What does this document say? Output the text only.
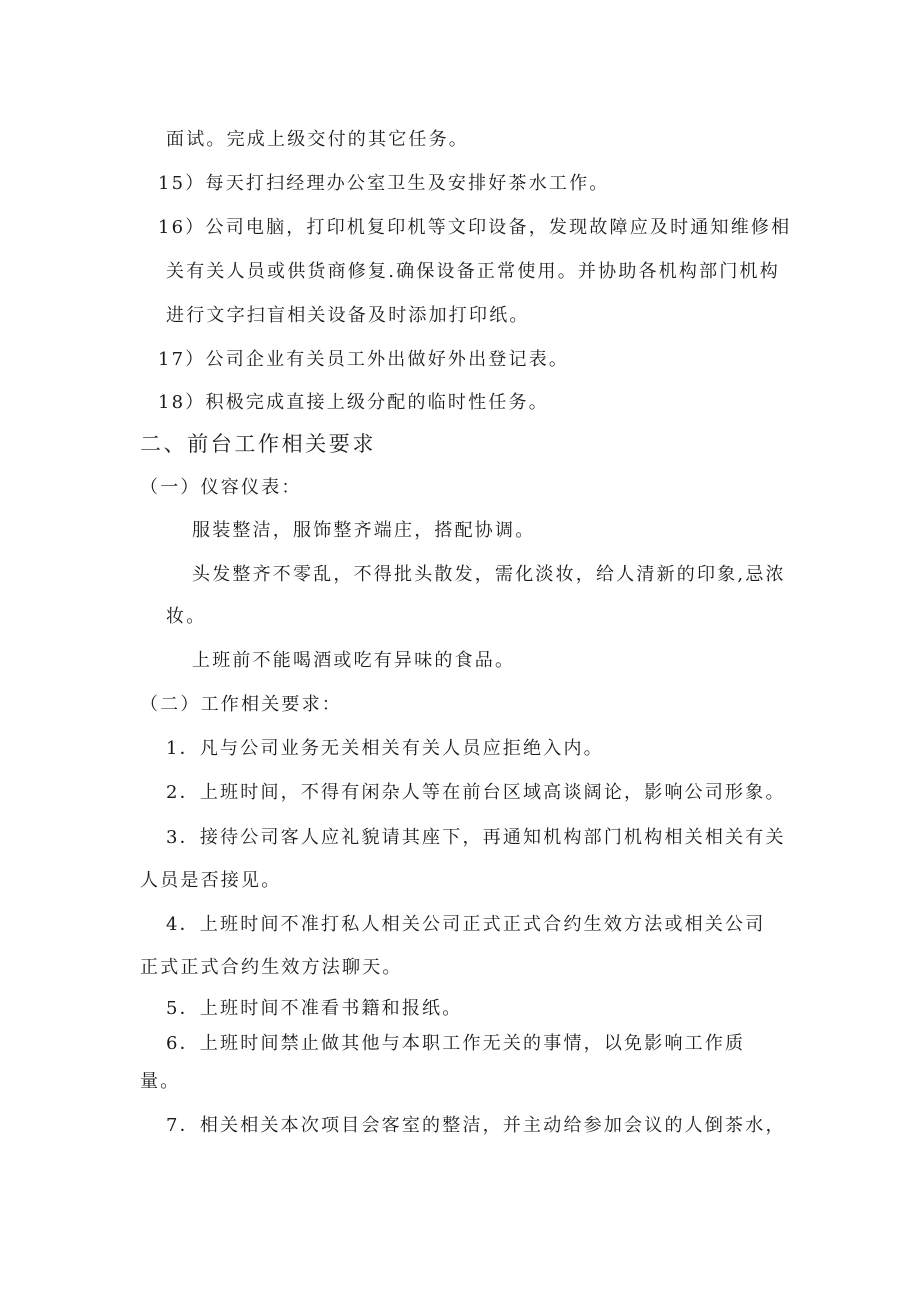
面试。完成上级交付的其它任务。

15）每天打扫经理办公室卫生及安排好茶水工作。

16）公司电脑，打印机复印机等文印设备，发现故障应及时通知维修相

关有关人员或供货商修复.确保设备正常使用。并协助各机构部门机构

进行文字扫盲相关设备及时添加打印纸。

17）公司企业有关员工外出做好外出登记表。

18）积极完成直接上级分配的临时性任务。

二、前台工作相关要求

（一）仪容仪表：

服装整洁，服饰整齐端庄，搭配协调。

头发整齐不零乱，不得批头散发，需化淡妆，给人清新的印象,忌浓

妆。

上班前不能喝酒或吃有异味的食品。

（二）工作相关要求：

1．凡与公司业务无关相关有关人员应拒绝入内。

2．上班时间，不得有闲杂人等在前台区域高谈阔论，影响公司形象。

3．接待公司客人应礼貌请其座下，再通知机构部门机构相关相关有关

人员是否接见。

4．上班时间不准打私人相关公司正式正式合约生效方法或相关公司

正式正式合约生效方法聊天。

5．上班时间不准看书籍和报纸。

6．上班时间禁止做其他与本职工作无关的事情，以免影响工作质

量。

7．相关相关本次项目会客室的整洁，并主动给参加会议的人倒茶水，
